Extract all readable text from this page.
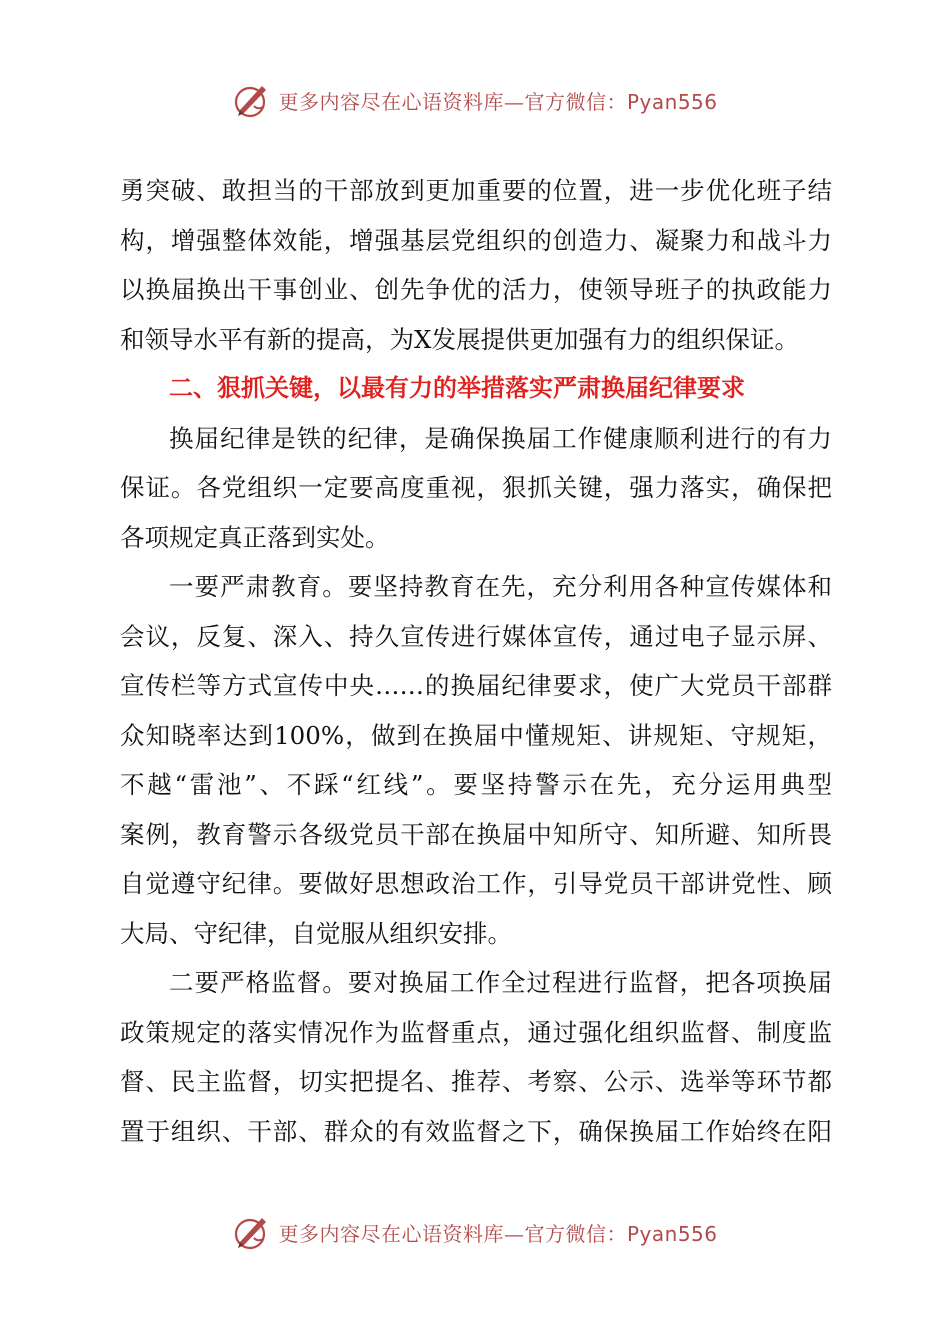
更多内容尽在心语资料库—官方微信：Pyan556
勇突破、敢担当的干部放到更加重要的位置，进一步优化班子结
构，增强整体效能，增强基层党组织的创造力、凝聚力和战斗力
以换届换出干事创业、创先争优的活力，使领导班子的执政能力
和领导水平有新的提高，为X发展提供更加强有力的组织保证。
二、狠抓关键，以最有力的举措落实严肃换届纪律要求
换届纪律是铁的纪律，是确保换届工作健康顺利进行的有力
保证。各党组织一定要高度重视，狠抓关键，强力落实，确保把
各项规定真正落到实处。
一要严肃教育。要坚持教育在先，充分利用各种宣传媒体和
会议，反复、深入、持久宣传进行媒体宣传，通过电子显示屏、
宣传栏等方式宣传中央……的换届纪律要求，使广大党员干部群
众知晓率达到100%，做到在换届中懂规矩、讲规矩、守规矩，
不越“雷池”、不踩“红线”。要坚持警示在先，充分运用典型
案例，教育警示各级党员干部在换届中知所守、知所避、知所畏
自觉遵守纪律。要做好思想政治工作，引导党员干部讲党性、顾
大局、守纪律，自觉服从组织安排。
二要严格监督。要对换届工作全过程进行监督，把各项换届
政策规定的落实情况作为监督重点，通过强化组织监督、制度监
督、民主监督，切实把提名、推荐、考察、公示、选举等环节都
置于组织、干部、群众的有效监督之下，确保换届工作始终在阳
更多内容尽在心语资料库—官方微信：Pyan556
